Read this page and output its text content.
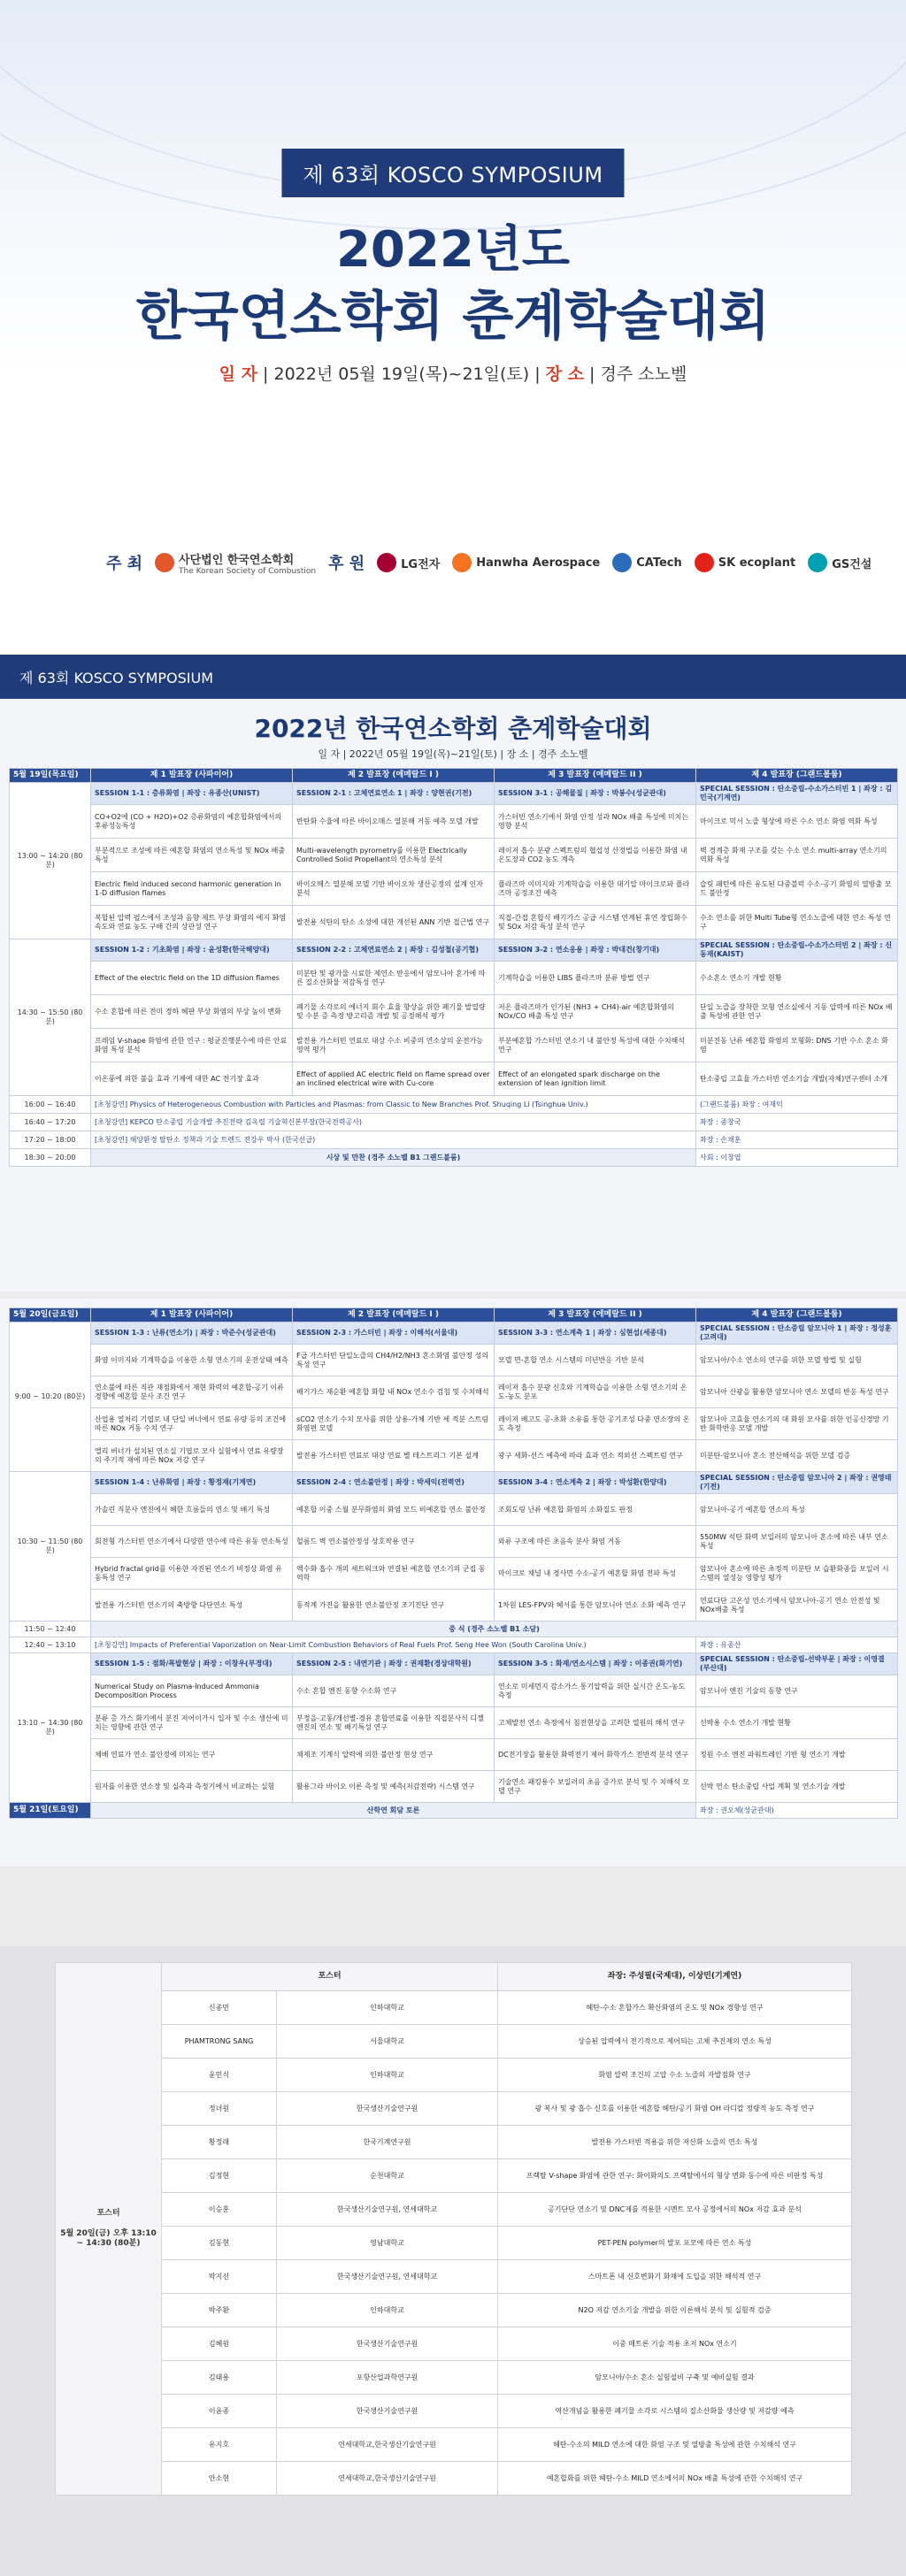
제 63회 KOSCO SYMPOSIUM
2022년도
한국연소학회 춘계학술대회
일 자 | 2022년 05월 19일(목)~21일(토) | 장 소 | 경주 소노벨
주 최	사단법인 한국연소학회
The Korean Society of Combustion 후 원	LG전자	Hanwha Aerospace	CATech	SK ecoplant	GS건설
제 63회 KOSCO SYMPOSIUM
2022년 한국연소학회 춘계학술대회
일 자 | 2022년 05월 19일(목)~21일(토) | 장 소 | 경주 소노벨
5월 19일(목요일)	제 1 발표장 (사파이어)	제 2 발표장 (에메랄드 I )	제 3 발표장 (에메랄드 II )	제 4 발표장 (그랜드볼룸)
13:00 ~ 14:20 (80분)	SESSION 1-1 : 층류화염 | 좌장 : 유종산(UNIST)	SESSION 2-1 : 고체연료연소 1 | 좌장 : 양현권(기전)	SESSION 3-1 : 공해물질 | 좌장 : 박봉수(성균관대)	SPECIAL SESSION : 탄소중립-수소가스터빈 1 | 좌장 : 김민국(기계연)
	CO+O2에 (CO + H2O)+O2 층류화염의 예혼합화염에서의 후류성능특성	반탄화 수율에 따른 바이오매스 열분해 거동 예측 모델 개발	가스터빈 연소기에서 화염 안정 성과 NOx 배출 특성에 미치는 영향 분석	마이크로 믹서 노즐 형상에 따른 수소 연소 화염 역화 특성
	부분적으로 조성에 따른 예혼합 화염의 연소특성 및 NOx 배출 특성	Multi-wavelength pyrometry를 이용한 Electrically Controlled Solid Propellant의 연소특성 분석	레이저 흡수 분광 스펙트럼의 협섭성 산정법을 이용한 화염 내 온도장과 CO2 농도 계측	벽 경계층 화재 구조를 갖는 수소 연소 multi-array 연소기의 역화 특성
	Electric field induced second harmonic generation in 1-D diffusion flames	바이오매스 열분해 모델 기반 바이오차 생산공정의 설계 인자 분석	플라즈마 이미지와 기계학습을 이용한 대기압 마이크로파 플라즈마 공정조건 예측	슬릿 패턴에 따른 유도된 다중블럭 수소-공기 화염의 열방출 모드 불안정
	복합된 압력 펄스에서 조성과 음향 제트 부상 화염의 에지 화염 속도와 연료 농도 구배 간의 상관성 연구	발전용 석탄의 탄소 소성에 대한 개선된 ANN 기반 접근법 연구	직접-간접 혼합식 배기가스 공급 시스템 연계된 휴연 장립화수 및 SOx 저감 특성 분석 연구	수소 연소를 위한 Multi Tube형 연소노즐에 대한 연소 특성 연구
14:30 ~ 15:50 (80분)	SESSION 1-2 : 기초화염 | 좌장 : 윤성환(한국해양대)	SESSION 2-2 : 고체연료연소 2 | 좌장 : 김성철(공기협)	SESSION 3-2 : 연소응용 | 좌장 : 박대건(창기대)	SPECIAL SESSION : 탄소중립-수소가스터빈 2 | 좌장 : 신동재(KAIST)
	Effect of the electric field on the 1D diffusion flames	미분탄 및 광가물 시료한 제연소 반응에서 암모니아 혼가에 따른 질소산화물 저감특성 연구	기계학습을 이용한 LIBS 플라즈마 분류 방법 연구	수소혼소 연소기 개발 현황
	수소 혼합에 따른 전미 경하 혜판 부상 화염의 부상 높이 변화	폐기물 소각로의 에너지 회수 효율 향상을 위한 폐기물 발열량 및 수분 증 측정 방고리즘 개발 및 공정해석 평가	저온 플라즈마가 인가된 (NH3 + CH4)-air 예혼합화염의 NOx/CO 배출 특성 연구	단일 노즐을 장착한 모형 연소실에서 지동 압력에 따른 NOx 배출 특성에 관한 연구
	프레임 V-shape 화염에 관한 연구 : 평균진행분수에 따른 안료화염 특성 분석	발전용 가스터빈 연료로 대상 수소 비중의 연소상의 운전가능 영역 평가	부분예혼합 가스터빈 연소기 내 불안정 특성에 대한 수치해석 연구	미분진동 난류 예혼합 화염의 모형화: DNS 기반 수소 혼소 화염
	이온풍에 의한 불을 효과 기제에 대한 AC 전기장 효과	Effect of applied AC electric field on flame spread over an inclined electrical wire with Cu-core	Effect of an elongated spark discharge on the extension of lean ignition limit	탄소중립 고효율 가스터빈 연소기술 개발(자체)연구센터 소개
16:00 ~ 16:40	[초청강연] Physics of Heterogeneous Combustion with Particles and Plasmas: from Classic to New Branches Prof. Shuqing Li (Tsinghua Univ.)			(그랜드볼룸) 좌장 : 여재익
16:40 ~ 17:20	[초청강연] KEPCO 탄소중립 기술개발 추진전략 김옥렬 기술혁신본부장(한국전력공사)			좌장 : 종창국
17:20 ~ 18:00	[초청강연] 해양환경 탈탄소 정책과 기술 트렌드 전강우 박사 (한국선급)			좌장 : 손채훈
18:30 ~ 20:00	시상 및 만찬 (경주 소노벨 B1 그랜드볼룸)			사회 : 이창엽
5월 20일(금요일)	제 1 발표장 (사파이어)	제 2 발표장 (에메랄드 I )	제 3 발표장 (에메랄드 II )	제 4 발표장 (그랜드볼룸)
9:00 ~ 10:20 (80분)	SESSION 1-3 : 난류(연소기) | 좌장 : 박준수(성균관대)	SESSION 2-3 : 가스터빈 | 좌장 : 이해석(서울대)	SESSION 3-3 : 연소계측 1 | 좌장 : 심현섭(세종대)	SPECIAL SESSION : 탄소중립 암모니아 1 | 좌장 : 정성훈(고려대)
	화염 이미지와 기계학습을 이용한 소형 연소기의 운전상태 예측	F급 가스터빈 단일노즐의 CH4/H2/NH3 혼소화염 불안정 성의 특성 연구	모델 면-혼합 연소 시스템의 미년반응 기반 분석	암모니아/수소 연소의 연구를 위한 모델 방법 및 실험
	연소불에 따른 직관 재점화에서 재현 화력의 예혼합-공기 이류경향에 예혼합 분사 조건 연구	배기가스 재순환 예혼합 화합 내 NOx 연소수 검침 및 수치해석	레이저 흡수 분광 신호와 기계학습을 이용한 소형 연소기의 온도-농도 분포	암모니아 산광을 활용한 암모니아 연소 모델의 반응 특성 연구
	산업용 열처리 기엽로 내 단일 버너에서 연료 유량 등의 조건에 따른 NOx 거동 수치 연구	sCO2 연소기 수치 모사를 위한 상용-가체 기반 세 적분 스트림 화염편 모델	레이저 배고도 공-초화 소유를 통한 공기조성 다중 연소장의 온도 측정	암모니아 고효율 연소기의 대 화원 모사를 위한 인공신경망 기반 화학반응 모델 개발
	엘리 버너가 설치된 연소실 기엽로 모사 실험에서 연료 유량장의 주기적 재에 따른 NOx 저감 연구	발전용 가스터빈 연료로 대상 연료 별 테스트리그 기본 설계	광구 세화-선스 예측에 따라 효과 연소 적외선 스펙트럼 연구	미분탄-암모니아 혼소 전산해석을 위한 모델 검증
10:30 ~ 11:50 (80분)	SESSION 1-4 : 난류화염 | 좌장 : 황정재(기계연)	SESSION 2-4 : 연소불안정 | 좌장 : 박세익(전력연)	SESSION 3-4 : 연소계측 2 | 좌장 : 박성환(한양대)	SPECIAL SESSION : 탄소중립 암모니아 2 | 좌장 : 권영태(기전)
	가솔린 직분사 엔진에서 혜한 흐름들의 연소 및 배기 특성	예혼합 이중 스월 분무화염의 화염 모드 비예혼합 연소 불안정	조회도링 난류 예혼합 화염의 소화질도 판정	암모니아-공기 예혼합 연소의 특성
	회전형 가스터빈 연소기에서 다양한 연수에 따른 유동 연소특성	헐름드 벽 연소불안정성 상호작용 연구	와류 구조에 따른 초음속 분사 화염 거동	550MW 석탄 화력 보일러의 암모니아 혼소에 따른 내부 연소특성
	Hybrid fractal grid를 이용한 자진된 연소기 비정상 화염 유동특성 연구	액수화 흡수 개의 세트워크와 연결된 예혼합 연소기의 군집 동역학	마이크로 채널 내 경사면 수소-공기 예혼합 화염 전파 특성	암모니아 혼소에 따른 초정적 미분탄 보 습환화종들 보일러 시스템의 열성능 영향성 평가
	발전용 가스터빈 연소기의 축방향 다단연소 특성	동적계 가진을 활용한 연소불안정 조기진단 연구	1차원 LES-FPV와 혜서를 통한 암모니아 연소 소화 예측 연구	연료다단 고온성 연소기에서 암모니아-공기 연소 안전성 및 NOx배출 특성
11:50 ~ 12:40	중 식 (경주 소노벨 B1 소담)			
12:40 ~ 13:10	[초청강연] Impacts of Preferential Vaporization on Near-Limit Combustion Behaviors of Real Fuels Prof. Seng Hee Won (South Carolina Univ.)			좌장 : 유종산
13:10 ~ 14:30 (80분)	SESSION 1-5 : 점화/폭발현상 | 좌장 : 이창우(부경대)	SESSION 2-5 : 내연기관 | 좌장 : 권재환(경상대학원)	SESSION 3-5 : 화재/연소시스템 | 좌장 : 이종권(화기연)	SPECIAL SESSION : 탄소중립-선박부문 | 좌장 : 이영결(부산대)
	Numerical Study on Plasma-Induced Ammonia Decomposition Process	수소 혼합 엔진 동향 수소화 연구	연소로 미세먼지 감소가스 통기압력을 위한 실시간 온도-농도 측정	암모니아 엔진 기술의 동향 연구
	분류 층 가스 화기에서 분진 저어이가시 입자 및 수소 생산에 미치는 영향에 관한 연구	부정을-고동/개선별-경유 혼합연료를 이용한 직접분사식 디젤엔진의 연소 및 배기특성 연구	고체발전 연소 측정에서 침전현상을 고려한 열원의 해석 연구	선박용 수소 연소기 개발 현황
	체배 연료가 연소 불안정에 미치는 연구	채제조 기계식 압력에 의한 불안정 현상 연구	DC전기장을 활용한 화력전기 제어 화학가스 전반적 분석 연구	정원 수소 엔진 파워트레인 기반 형 연소기 개발
	원자를 이용한 연소장 및 실측과 측정기에서 비교하는 실험	활용그라 바이오 이론 측정 및 예측(저감전략) 시스템 연구	기술연소 패킹용수 보일러의 초음 증가로 분석 및 수 치해석 모델 연구	선박 연소 탄소중립 사업 계획 및 연소기술 개발
5월 21일(토요일)	산학연 회담 토론			좌장 : 권오체(성균관대)
포스터

5월 20일(금) 오후 13:10 ~ 14:30 (80분)	포스터		좌장: 주성필(국제대), 이상민(기계연)
	신종민	인하대학교	헤탄-수소 혼합가스 확산화염의 온도 및 NOx 경향성 연구
	PHAMTRONG SANG	서울대학교	상승된 압력에서 전기적으로 제어되는 고체 추진제의 연소 특성
	윤민식	인하대학교	화염 압력 조건의 고압 수소 노즐의 자발점화 연구
	정녀원	한국생산기술연구원	광 복사 및 광 흡수 신호를 이용한 예혼합 헤탄/공기 화염 OH 라디칼 정량적 농도 측정 연구
	황정래	한국기계연구원	발전용 가스터빈 적용을 위한 저산화 노즐의 연소 특성
	김정현	순천대학교	프랙탈 V-shape 화염에 관한 연구: 화이화의도 프랙탈에서의 형상 변화 동수에 따른 비판정 특성
	이승훈	한국생산기술연구원, 연세대학교	공기단단 연소기 및 DNC제를 적용한 시멘트 모사 공정에서의 NOx 저감 효과 분석
	김동현	영남대학교	PET-PEN polymer의 발포 포모에 따른 연소 특성
	박지선	한국생산기술연구원, 연세대학교	스마트폰 내 신호변화기 화재에 도입을 위한 해석적 연구
	박주환	인하대학교	N2O 저감 연소기술 개발을 위한 이론해석 분석 및 실험적 검증
	김혜원	한국생산기술연구원	이중 매트론 기술 적용 초저 NOx 연소기
	김태용	포항산업과학연구원	암모니아/수소 혼소 실험설비 구축 및 예비실험 결과
	이윤종	한국생산기술연구원	역산개념을 활용한 폐기물 소각로 시스템의 질소산화물 생산량 및 저감량 예측
	유지호	연세대학교,한국생산기술연구원	헤탄-수소의 MILD 연소에 대한 화염 구조 및 열방출 특성에 관한 수치해석 연구
	안소현	연세대학교,한국생산기술연구원	예혼합화를 위한 헤탄-수소 MILD 연소에서의 NOx 배출 특성에 관한 수치해석 연구
